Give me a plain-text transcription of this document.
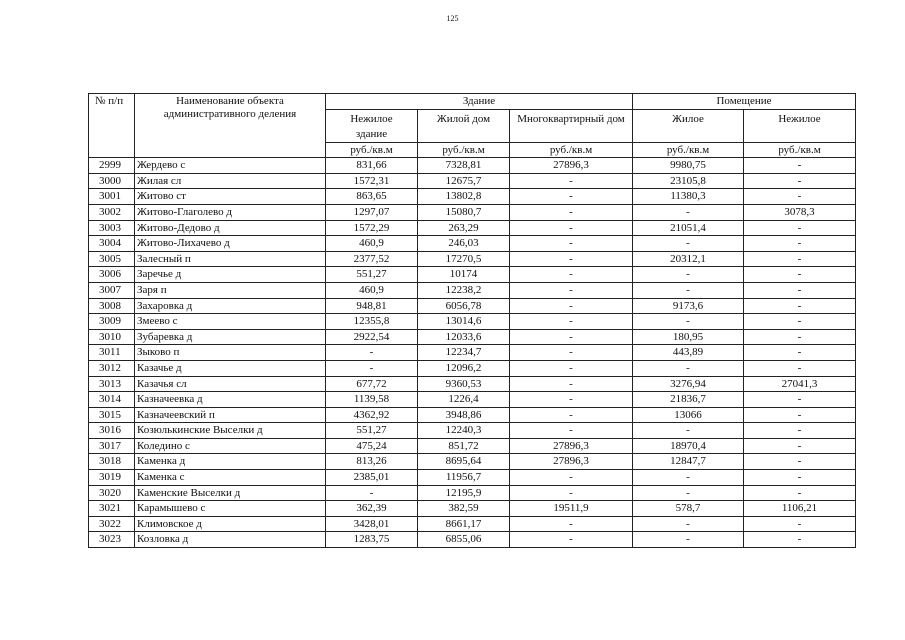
125
№ п/п	Наименование объекта административного деления	Здание			Помещение	
		Нежилое здание	Жилой дом	Многоквартирный дом	Жилое	Нежилое
		руб./кв.м	руб./кв.м	руб./кв.м	руб./кв.м	руб./кв.м
2999	Жердево с	831,66	7328,81	27896,3	9980,75	-
3000	Жилая сл	1572,31	12675,7	-	23105,8	-
3001	Житово ст	863,65	13802,8	-	11380,3	-
3002	Житово-Глаголево д	1297,07	15080,7	-	-	3078,3
3003	Житово-Дедово д	1572,29	263,29	-	21051,4	-
3004	Житово-Лихачево д	460,9	246,03	-	-	-
3005	Залесный п	2377,52	17270,5	-	20312,1	-
3006	Заречье д	551,27	10174	-	-	-
3007	Заря п	460,9	12238,2	-	-	-
3008	Захаровка д	948,81	6056,78	-	9173,6	-
3009	Змеево с	12355,8	13014,6	-	-	-
3010	Зубаревка д	2922,54	12033,6	-	180,95	-
3011	Зыково п	-	12234,7	-	443,89	-
3012	Казачье д	-	12096,2	-	-	-
3013	Казачья сл	677,72	9360,53	-	3276,94	27041,3
3014	Казначеевка д	1139,58	1226,4	-	21836,7	-
3015	Казначеевский п	4362,92	3948,86	-	13066	-
3016	Козюлькинские Выселки д	551,27	12240,3	-	-	-
3017	Коледино с	475,24	851,72	27896,3	18970,4	-
3018	Каменка д	813,26	8695,64	27896,3	12847,7	-
3019	Каменка с	2385,01	11956,7	-	-	-
3020	Каменские Выселки д	-	12195,9	-	-	-
3021	Карамышево с	362,39	382,59	19511,9	578,7	1106,21
3022	Климовское д	3428,01	8661,17	-	-	-
3023	Козловка д	1283,75	6855,06	-	-	-
